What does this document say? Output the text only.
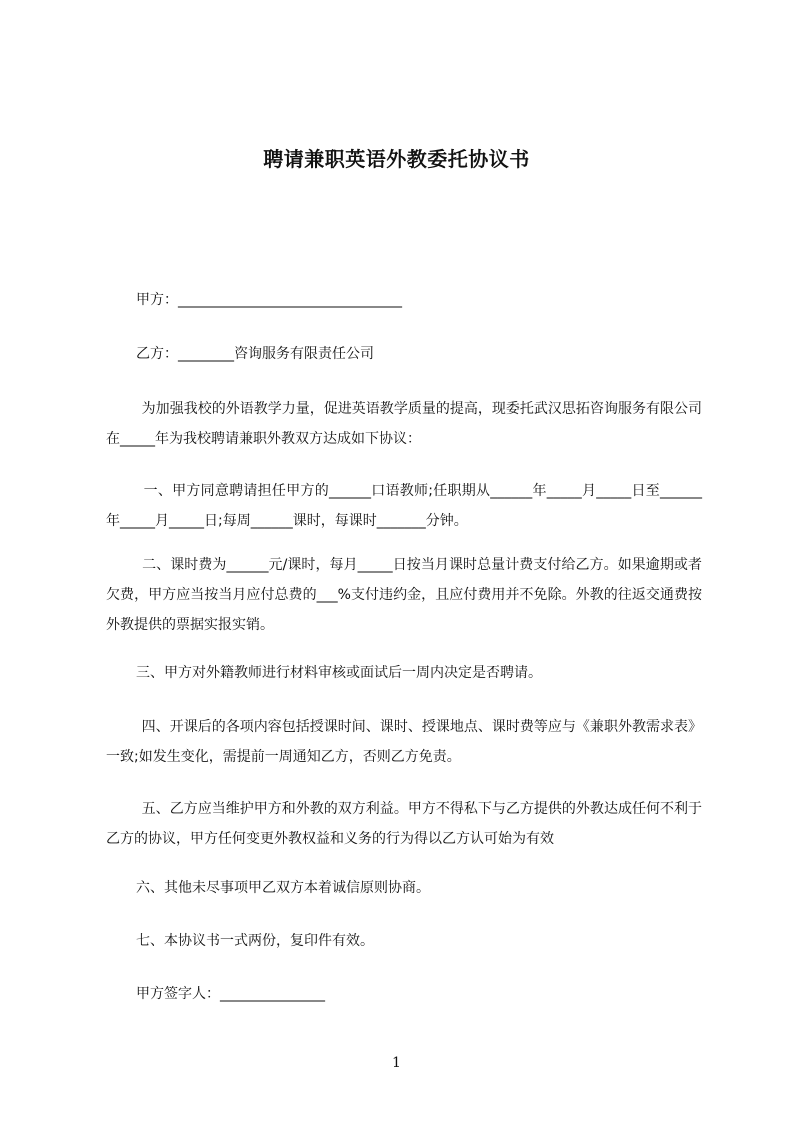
聘请兼职英语外教委托协议书
甲方：________________________________
乙方：________咨询服务有限责任公司
为加强我校的外语教学力量，促进英语教学质量的提高，现委托武汉思拓咨询服务有限公司在_____年为我校聘请兼职外教双方达成如下协议：
一、甲方同意聘请担任甲方的______口语教师;任职期从______年_____月_____日至______年_____月_____日;每周______课时，每课时_______分钟。
二、课时费为______元/课时，每月_____日按当月课时总量计费支付给乙方。如果逾期或者欠费，甲方应当按当月应付总费的___%支付违约金，且应付费用并不免除。外教的往返交通费按外教提供的票据实报实销。
三、甲方对外籍教师进行材料审核或面试后一周内决定是否聘请。
四、开课后的各项内容包括授课时间、课时、授课地点、课时费等应与《兼职外教需求表》一致;如发生变化，需提前一周通知乙方，否则乙方免责。
五、乙方应当维护甲方和外教的双方利益。甲方不得私下与乙方提供的外教达成任何不利于乙方的协议，甲方任何变更外教权益和义务的行为得以乙方认可始为有效
六、其他未尽事项甲乙双方本着诚信原则协商。
七、本协议书一式两份，复印件有效。
甲方签字人：_______________
1
